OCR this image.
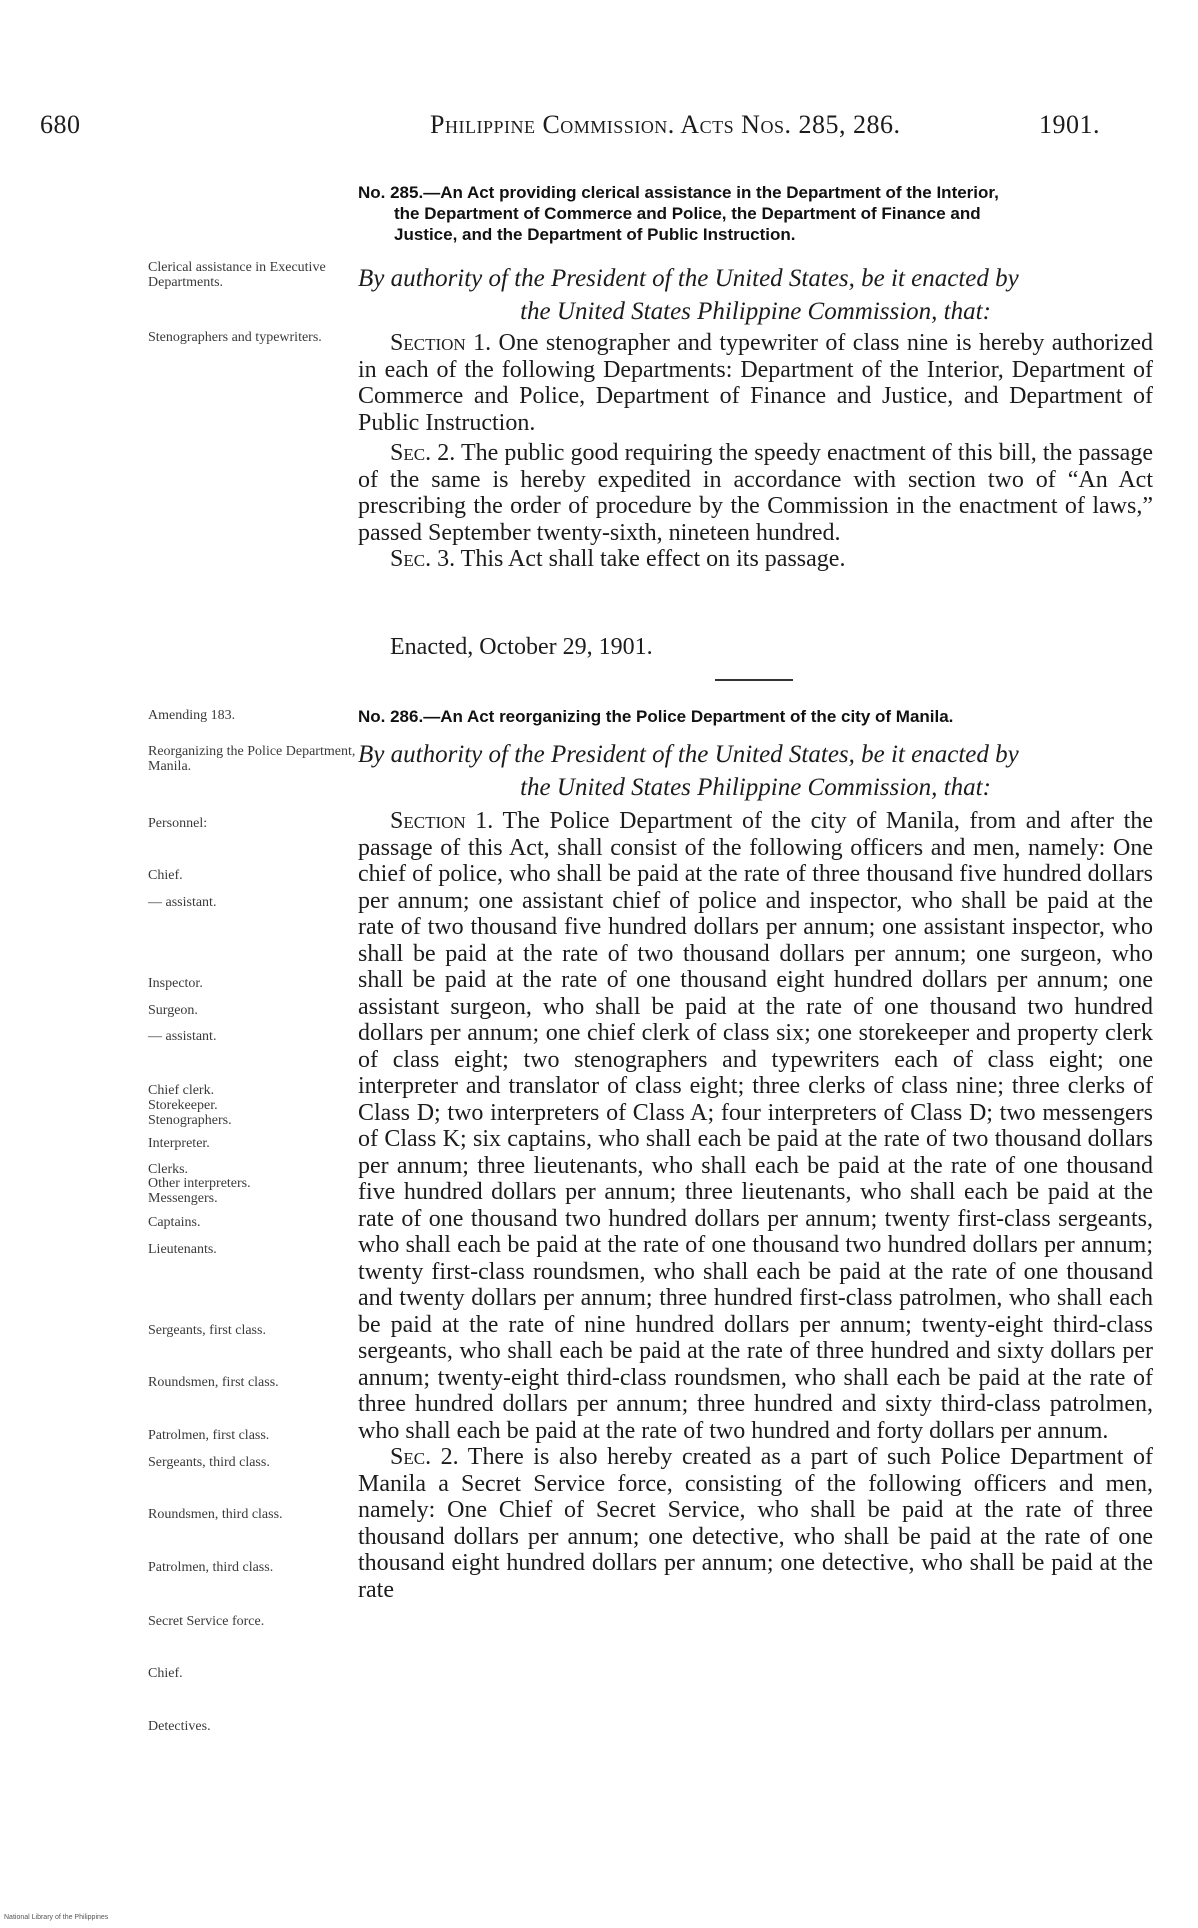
680	Philippine Commission. Acts Nos. 285, 286.	1901.
No. 285.—An Act providing clerical assistance in the Department of the Interior,
the Department of Commerce and Police, the Department of Finance and
Justice, and the Department of Public Instruction.
By authority of the President of the United States, be it enacted by
the United States Philippine Commission, that:

Section 1. One stenographer and typewriter of class nine is hereby authorized in each of the following Departments: Department of the Interior, Department of Commerce and Police, Department of Finance and Justice, and Department of Public Instruction.

Sec. 2. The public good requiring the speedy enactment of this bill, the passage of the same is hereby expedited in accordance with section two of “An Act prescribing the order of procedure by the Commission in the enactment of laws,” passed September twenty-sixth, nineteen hundred.

Sec. 3. This Act shall take effect on its passage.

Enacted, October 29, 1901.
No. 286.—An Act reorganizing the Police Department of the city of Manila.
By authority of the President of the United States, be it enacted by
the United States Philippine Commission, that:

Section 1. The Police Department of the city of Manila, from and after the passage of this Act, shall consist of the following officers and men, namely: One chief of police, who shall be paid at the rate of three thousand five hundred dollars per annum; one assistant chief of police and inspector, who shall be paid at the rate of two thousand five hundred dollars per annum; one assistant inspector, who shall be paid at the rate of two thousand dollars per annum; one surgeon, who shall be paid at the rate of one thousand eight hundred dollars per annum; one assistant surgeon, who shall be paid at the rate of one thousand two hundred dollars per annum; one chief clerk of class six; one storekeeper and property clerk of class eight; two stenographers and typewriters each of class eight; one interpreter and translator of class eight; three clerks of class nine; three clerks of Class D; two interpreters of Class A; four interpreters of Class D; two messengers of Class K; six captains, who shall each be paid at the rate of two thousand dollars per annum; three lieutenants, who shall each be paid at the rate of one thousand five hundred dollars per annum; three lieutenants, who shall each be paid at the rate of one thousand two hundred dollars per annum; twenty first-class sergeants, who shall each be paid at the rate of one thousand two hundred dollars per annum; twenty first-class roundsmen, who shall each be paid at the rate of one thousand and twenty dollars per annum; three hundred first-class patrolmen, who shall each be paid at the rate of nine hundred dollars per annum; twenty-eight third-class sergeants, who shall each be paid at the rate of three hundred and sixty dollars per annum; twenty-eight third-class roundsmen, who shall each be paid at the rate of three hundred dollars per annum; three hundred and sixty third-class patrolmen, who shall each be paid at the rate of two hundred and forty dollars per annum.

Sec. 2. There is also hereby created as a part of such Police Department of Manila a Secret Service force, consisting of the following officers and men, namely: One Chief of Secret Service, who shall be paid at the rate of three thousand dollars per annum; one detective, who shall be paid at the rate of one thousand eight hundred dollars per annum; one detective, who shall be paid at the rate

Clerical assistance in Executive Departments.
Stenographers and typewriters.
Amending 183.
Reorganizing the Police Department, Manila.
Personnel:
Chief.
— assistant.
Inspector.
Surgeon.
— assistant.
Chief clerk.
Storekeeper.
Stenographers.
Interpreter.
Clerks.
Other interpreters.
Messengers.
Captains.
Lieutenants.
Sergeants, first class.
Roundsmen, first class.
Patrolmen, first class.
Sergeants, third class.
Roundsmen, third class.
Patrolmen, third class.
Secret Service force.
Chief.
Detectives.
National Library of the Philippines
